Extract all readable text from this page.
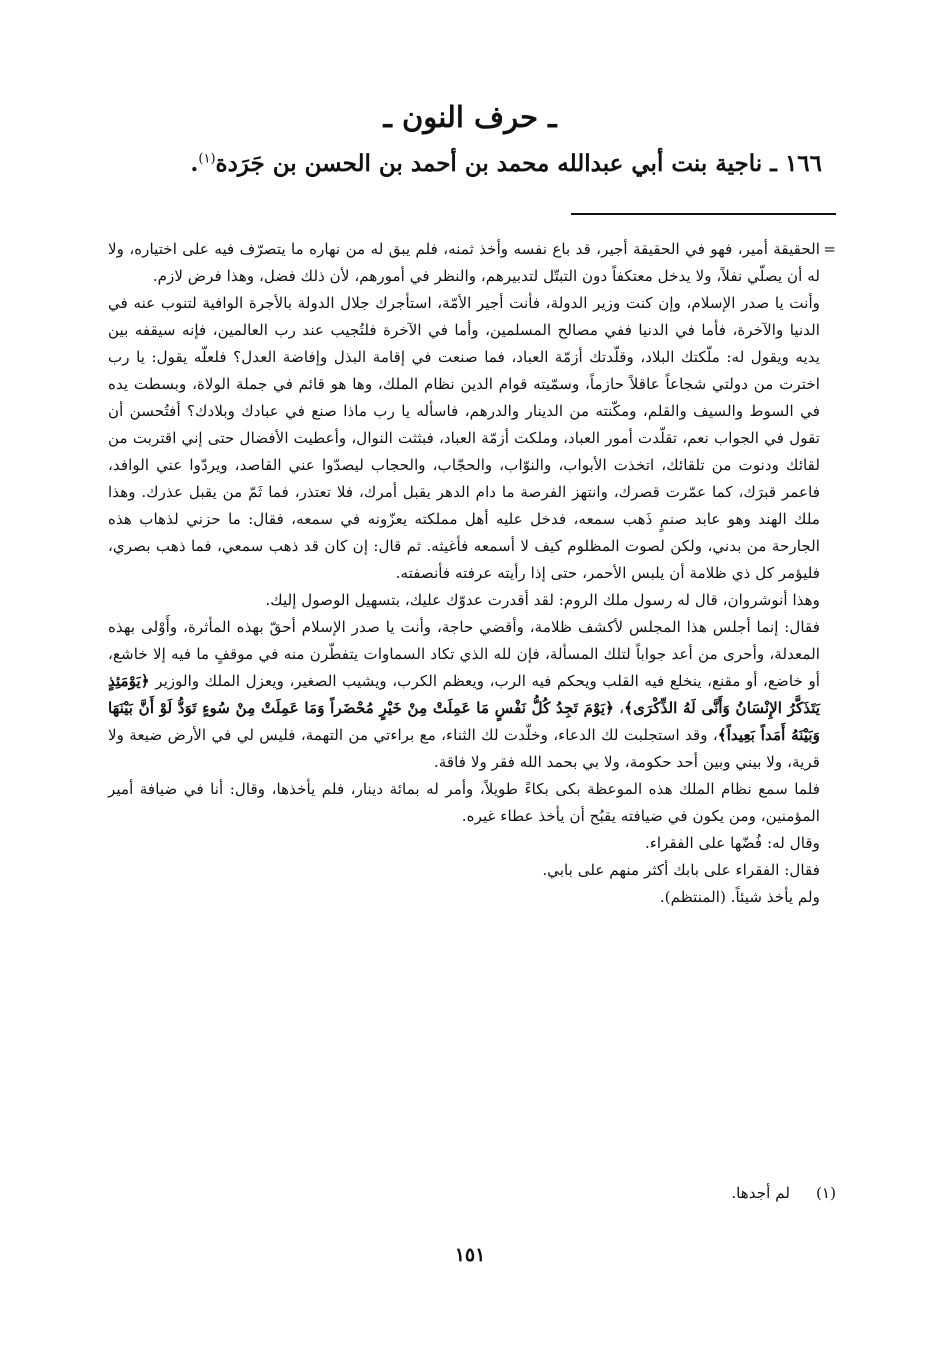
ـ حرف النون ـ
١٦٦ ـ ناجية بنت أبي عبدالله محمد بن أحمد بن الحسن بن جَرَدة$^{(١)}$.
=

الحقيقة أمير، فهو في الحقيقة أجير، قد باع نفسه وأخذ ثمنه، فلم يبق له من نهاره ما يتصرّف فيه على اختياره، ولا له أن يصلّي نفلاً، ولا يدخل معتكفاً دون التبتّل لتدبيرهم، والنظر في أمورهم، لأن ذلك فضل، وهذا فرض لازم.

وأنت يا صدر الإسلام، وإن كنت وزير الدولة، فأنت أجير الأمّة، استأجرك جلال الدولة بالأجرة الوافية لتنوب عنه في الدنيا والآخرة، فأما في الدنيا ففي مصالح المسلمين، وأما في الآخرة فلتُجيب عند رب العالمين، فإنه سيقفه بين يديه ويقول له: ملّكتك البلاد، وقلّدتك أزمّة العباد، فما صنعت في إقامة البذل وإفاضة العدل؟ فلعلّه يقول: يا رب اخترت من دولتي شجاعاً عاقلاً حازماً، وسمّيته قوام الدين نظام الملك، وها هو قائم في جملة الولاة، وبسطت يده في السوط والسيف والقلم، ومكّنته من الدينار والدرهم، فاسأله يا رب ماذا صنع في عبادك وبلادك؟ أفتُحسن أن تقول في الجواب نعم، تقلّدت أمور العباد، وملكت أزمّة العباد، فبثثت النوال، وأعطيت الأفضال حتى إني اقتربت من لقائك ودنوت من تلقائك، اتخذت الأبواب، والنوّاب، والحجّاب، والحجاب ليصدّوا عني القاصد، ويردّوا عني الوافد، فاعمر قبرَك، كما عمّرت قصرك، وانتهز الفرصة ما دام الدهر يقبل أمرك، فلا تعتذر، فما ثَمّ من يقبل عذرك. وهذا ملك الهند وهو عابد صنمٍ ذَهب سمعه، فدخل عليه أهل مملكته يعزّونه في سمعه، فقال: ما حزني لذهاب هذه الجارحة من بدني، ولكن لصوت المظلوم كيف لا أسمعه فأغيثه. ثم قال: إن كان قد ذهب سمعي، فما ذهب بصري، فليؤمر كل ذي ظلامة أن يلبس الأحمر، حتى إذا رأيته عرفته فأنصفته.

وهذا أنوشروان، قال له رسول ملك الروم: لقد أقدرت عدوّك عليك، بتسهيل الوصول إليك.

فقال: إنما أجلس هذا المجلس لأكشف ظلامة، وأقضي حاجة، وأنت يا صدر الإسلام أحقّ بهذه المأثرة، وأَوْلى بهذه المعدلة، وأحرى من أعد جواباً لتلك المسألة، فإن لله الذي تكاد السماوات يتفطّرن منه في موقفٍ ما فيه إلا خاشع، أو خاضع، أو مقنع، ينخلع فيه القلب ويحكم فيه الرب، ويعظم الكرب، ويشيب الصغير، ويعزل الملك والوزير ﴿يَوْمَئِذٍ يَتَذَكَّرُ الإِنْسَانُ وَأَنَّى لَهُ الذِّكْرَى﴾، ﴿يَوْمَ تَجِدُ كُلُّ نَفْسٍ مَا عَمِلَتْ مِنْ خَيْرٍ مُحْضَراً وَمَا عَمِلَتْ مِنْ سُوءٍ تَوَدُّ لَوْ أَنَّ بَيْنَهَا وَبَيْنَهُ أَمَداً بَعِيداً﴾، وقد استجلبت لك الدعاء، وخلّدت لك الثناء، مع براءتي من التهمة، فليس لي في الأرض ضيعة ولا قرية، ولا بيني وبين أحد حكومة، ولا بي بحمد الله فقر ولا فاقة.

فلما سمع نظام الملك هذه الموعظة بكى بكاءً طويلاً، وأمر له بمائة دينار، فلم يأخذها، وقال: أنا في ضيافة أمير المؤمنين، ومن يكون في ضيافته يقبُح أن يأخذ عطاء غيره.

وقال له: فُضّها على الفقراء.

فقال: الفقراء على بابك أكثر منهم على بابي.

ولم يأخذ شيئاً. (المنتظم).

(١)
لم أجدها.
١٥١
